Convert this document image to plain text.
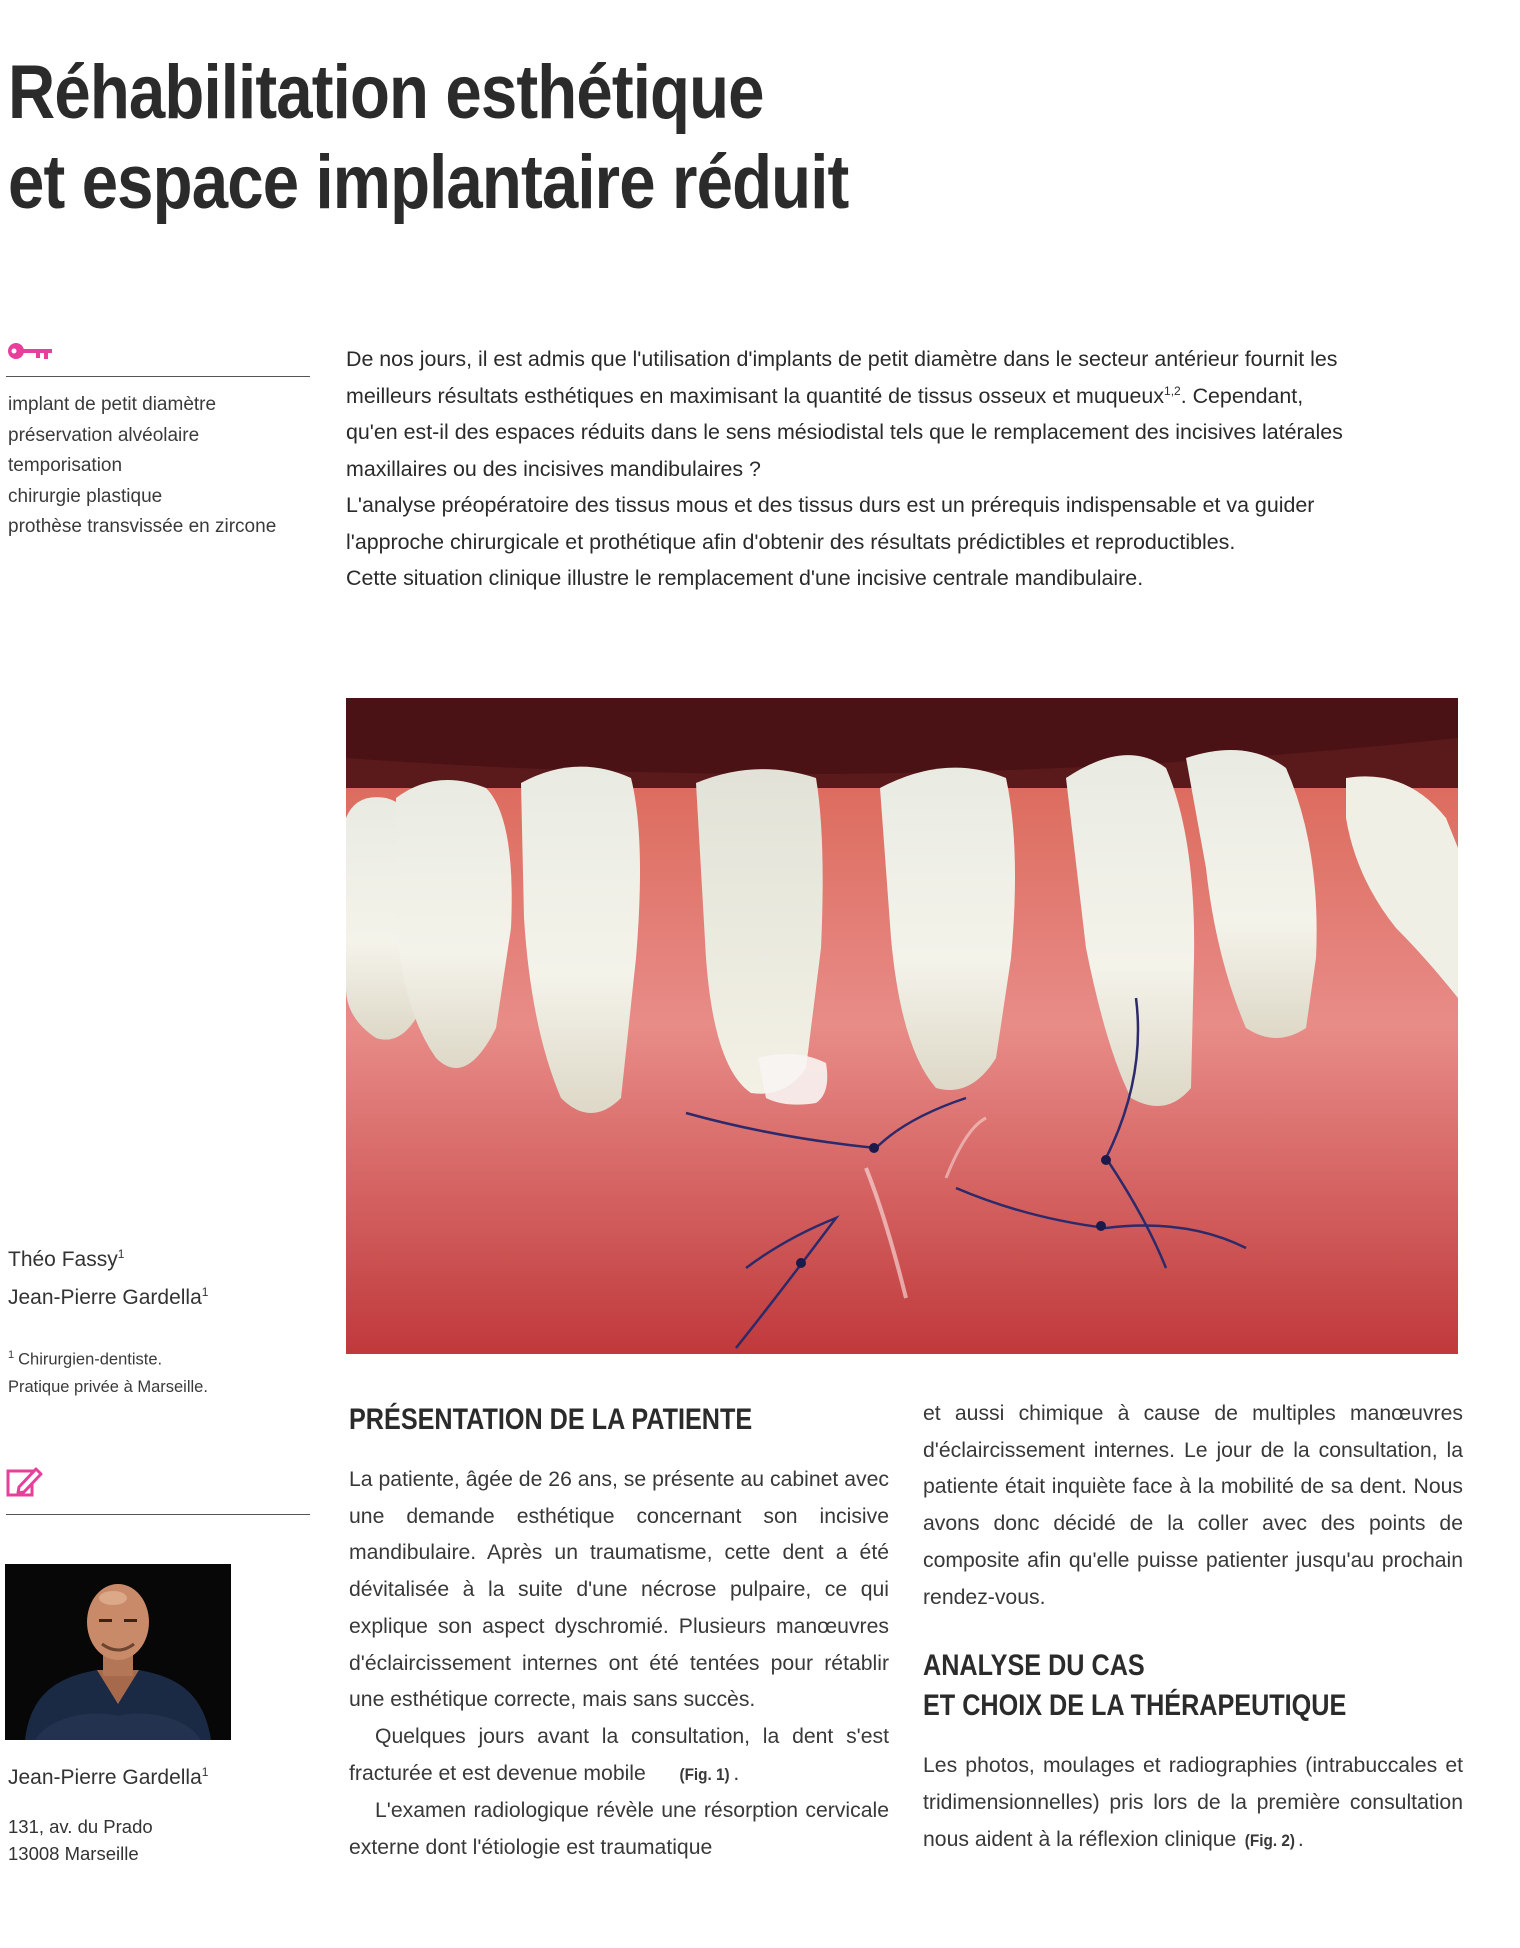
Réhabilitation esthétique
et espace implantaire réduit
implant de petit diamètre
préservation alvéolaire
temporisation
chirurgie plastique
prothèse transvissée en zircone
Théo Fassy$^1$
Jean-Pierre Gardella$^1$
$^1$ Chirurgien-dentiste.
Pratique privée à Marseille.
Jean-Pierre Gardella$^1$
131, av. du Prado
13008 Marseille
De nos jours, il est admis que l'utilisation d'implants de petit diamètre dans le secteur antérieur fournit les meilleurs résultats esthétiques en maximisant la quantité de tissus osseux et muqueux$^{1,2}$. Cependant, qu'en est-il des espaces réduits dans le sens mésiodistal tels que le remplacement des incisives latérales maxillaires ou des incisives mandibulaires ?
L'analyse préopératoire des tissus mous et des tissus durs est un prérequis indispensable et va guider l'approche chirurgicale et prothétique afin d'obtenir des résultats prédictibles et reproductibles.
Cette situation clinique illustre le remplacement d'une incisive centrale mandibulaire.
PRÉSENTATION DE LA PATIENTE

La patiente, âgée de 26 ans, se présente au cabinet avec une demande esthétique concernant son incisive mandibulaire. Après un traumatisme, cette dent a été dévitalisée à la suite d'une nécrose pulpaire, ce qui explique son aspect dyschromié. Plusieurs manœuvres d'éclaircissement internes ont été tentées pour rétablir une esthétique correcte, mais sans succès.

Quelques jours avant la consultation, la dent s'est fracturée et est devenue mobile (Fig. 1) .

L'examen radiologique révèle une résorption cervicale externe dont l'étiologie est traumatique

et aussi chimique à cause de multiples manœuvres d'éclaircissement internes. Le jour de la consultation, la patiente était inquiète face à la mobilité de sa dent. Nous avons donc décidé de la coller avec des points de composite afin qu'elle puisse patienter jusqu'au prochain rendez-vous.

ANALYSE DU CAS
ET CHOIX DE LA THÉRAPEUTIQUE

Les photos, moulages et radiographies (intrabuccales et tridimensionnelles) pris lors de la première consultation nous aident à la réflexion clinique (Fig. 2) .
